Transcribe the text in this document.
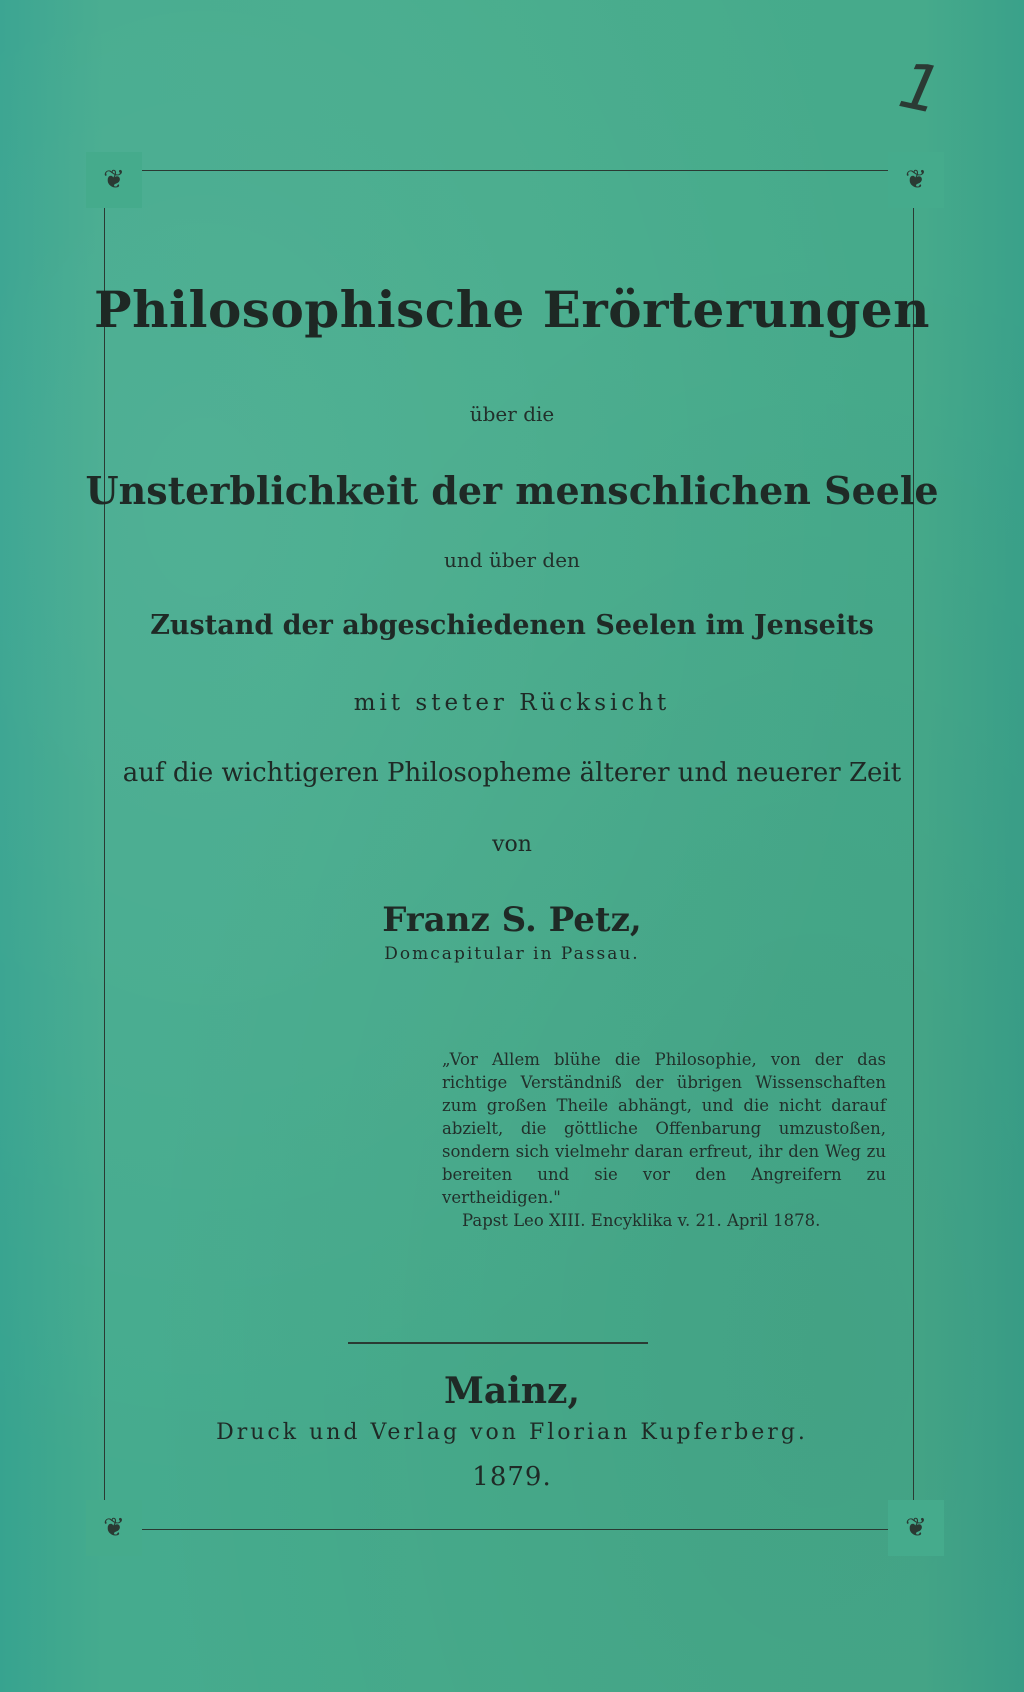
1
❦	❦
❦	❦
Philosophische Erörterungen
über die
Unsterblichkeit der menschlichen Seele
und über den
Zustand der abgeschiedenen Seelen im Jenseits
mit steter Rücksicht
auf die wichtigeren Philosopheme älterer und neuerer Zeit
von
Franz S. Petz,
Domcapitular in Passau.
„Vor Allem blühe die Philosophie, von der das richtige Verständniß der übrigen Wissenschaften zum großen Theile abhängt, und die nicht darauf abzielt, die göttliche Offenbarung umzustoßen, sondern sich vielmehr daran erfreut, ihr den Weg zu bereiten und sie vor den Angreifern zu vertheidigen."
Papst Leo XIII. Encyklika v. 21. April 1878.
Mainz,
Druck und Verlag von Florian Kupferberg.
1879.
